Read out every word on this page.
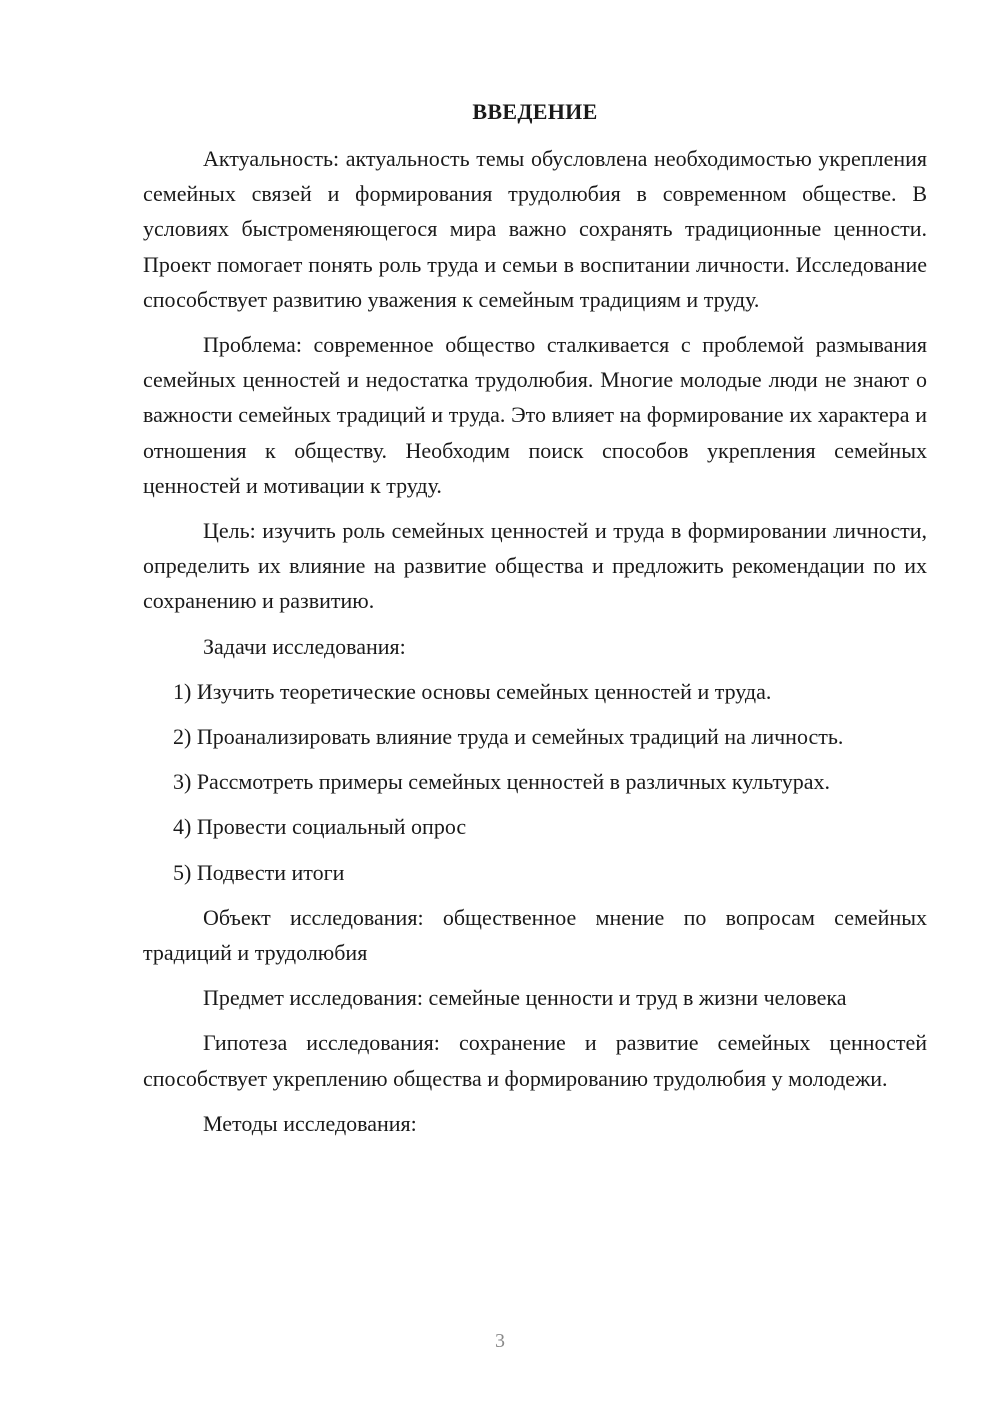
ВВЕДЕНИЕ

Актуальность: актуальность темы обусловлена необходимостью укрепления семейных связей и формирования трудолюбия в современном обществе. В условиях быстроменяющегося мира важно сохранять традиционные ценности. Проект помогает понять роль труда и семьи в воспитании личности. Исследование способствует развитию уважения к семейным традициям и труду.

Проблема: современное общество сталкивается с проблемой размывания семейных ценностей и недостатка трудолюбия. Многие молодые люди не знают о важности семейных традиций и труда. Это влияет на формирование их характера и отношения к обществу. Необходим поиск способов укрепления семейных ценностей и мотивации к труду.

Цель: изучить роль семейных ценностей и труда в формировании личности, определить их влияние на развитие общества и предложить рекомендации по их сохранению и развитию.

Задачи исследования:

1) Изучить теоретические основы семейных ценностей и труда.

2) Проанализировать влияние труда и семейных традиций на личность.

3) Рассмотреть примеры семейных ценностей в различных культурах.

4) Провести социальный опрос

5) Подвести итоги

Объект исследования: общественное мнение по вопросам семейных традиций и трудолюбия

Предмет исследования: семейные ценности и труд в жизни человека

Гипотеза исследования: сохранение и развитие семейных ценностей способствует укреплению общества и формированию трудолюбия у молодежи.

Методы исследования:

3
